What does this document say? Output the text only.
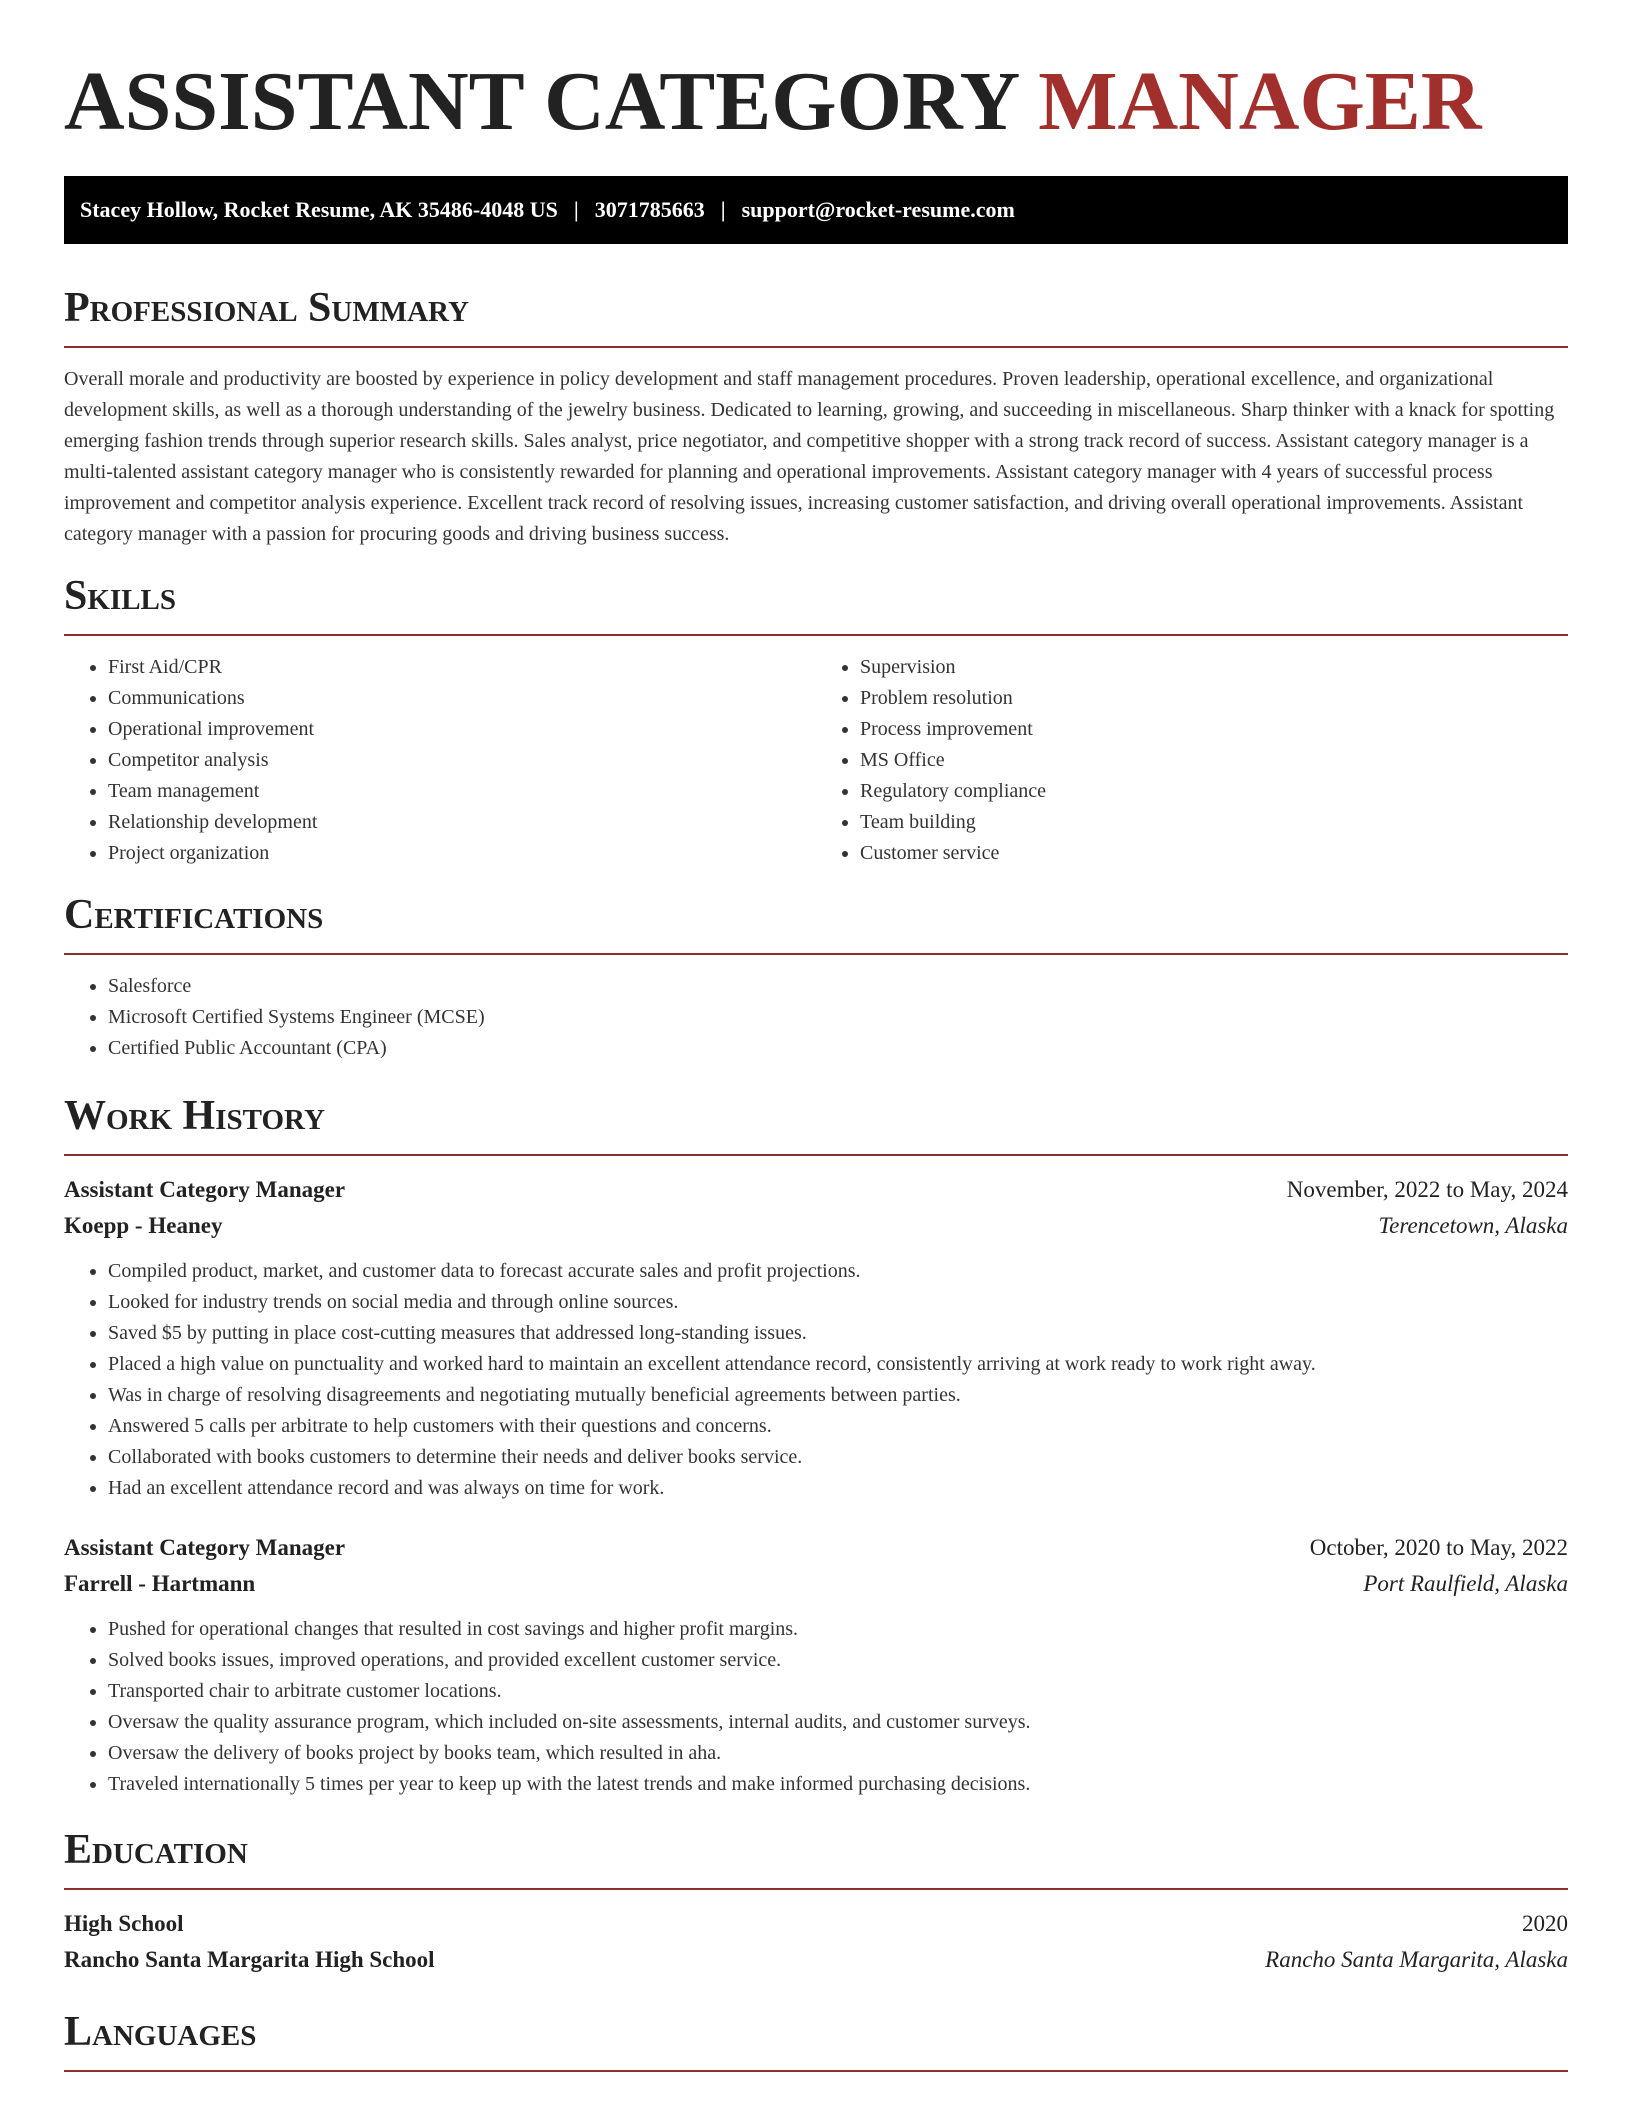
ASSISTANT CATEGORY MANAGER
Stacey Hollow, Rocket Resume, AK 35486-4048 US | 3071785663 | support@rocket-resume.com
Professional Summary

Overall morale and productivity are boosted by experience in policy development and staff management procedures. Proven leadership, operational excellence, and organizational development skills, as well as a thorough understanding of the jewelry business. Dedicated to learning, growing, and succeeding in miscellaneous. Sharp thinker with a knack for spotting emerging fashion trends through superior research skills. Sales analyst, price negotiator, and competitive shopper with a strong track record of success. Assistant category manager is a multi-talented assistant category manager who is consistently rewarded for planning and operational improvements. Assistant category manager with 4 years of successful process improvement and competitor analysis experience. Excellent track record of resolving issues, increasing customer satisfaction, and driving overall operational improvements. Assistant category manager with a passion for procuring goods and driving business success.

Skills
• First Aid/CPR
• Communications
• Operational improvement
• Competitor analysis
• Team management
• Relationship development
• Project organization
• Supervision
• Problem resolution
• Process improvement
• MS Office
• Regulatory compliance
• Team building
• Customer service
Certifications
• Salesforce
• Microsoft Certified Systems Engineer (MCSE)
• Certified Public Accountant (CPA)
Work History
Assistant Category Manager	November, 2022 to May, 2024
Koepp - Heaney	Terencetown, Alaska
• Compiled product, market, and customer data to forecast accurate sales and profit projections.
• Looked for industry trends on social media and through online sources.
• Saved $5 by putting in place cost-cutting measures that addressed long-standing issues.
• Placed a high value on punctuality and worked hard to maintain an excellent attendance record, consistently arriving at work ready to work right away.
• Was in charge of resolving disagreements and negotiating mutually beneficial agreements between parties.
• Answered 5 calls per arbitrate to help customers with their questions and concerns.
• Collaborated with books customers to determine their needs and deliver books service.
• Had an excellent attendance record and was always on time for work.
Assistant Category Manager	October, 2020 to May, 2022
Farrell - Hartmann	Port Raulfield, Alaska
• Pushed for operational changes that resulted in cost savings and higher profit margins.
• Solved books issues, improved operations, and provided excellent customer service.
• Transported chair to arbitrate customer locations.
• Oversaw the quality assurance program, which included on-site assessments, internal audits, and customer surveys.
• Oversaw the delivery of books project by books team, which resulted in aha.
• Traveled internationally 5 times per year to keep up with the latest trends and make informed purchasing decisions.
Education
High School	2020
Rancho Santa Margarita High School	Rancho Santa Margarita, Alaska
Languages
